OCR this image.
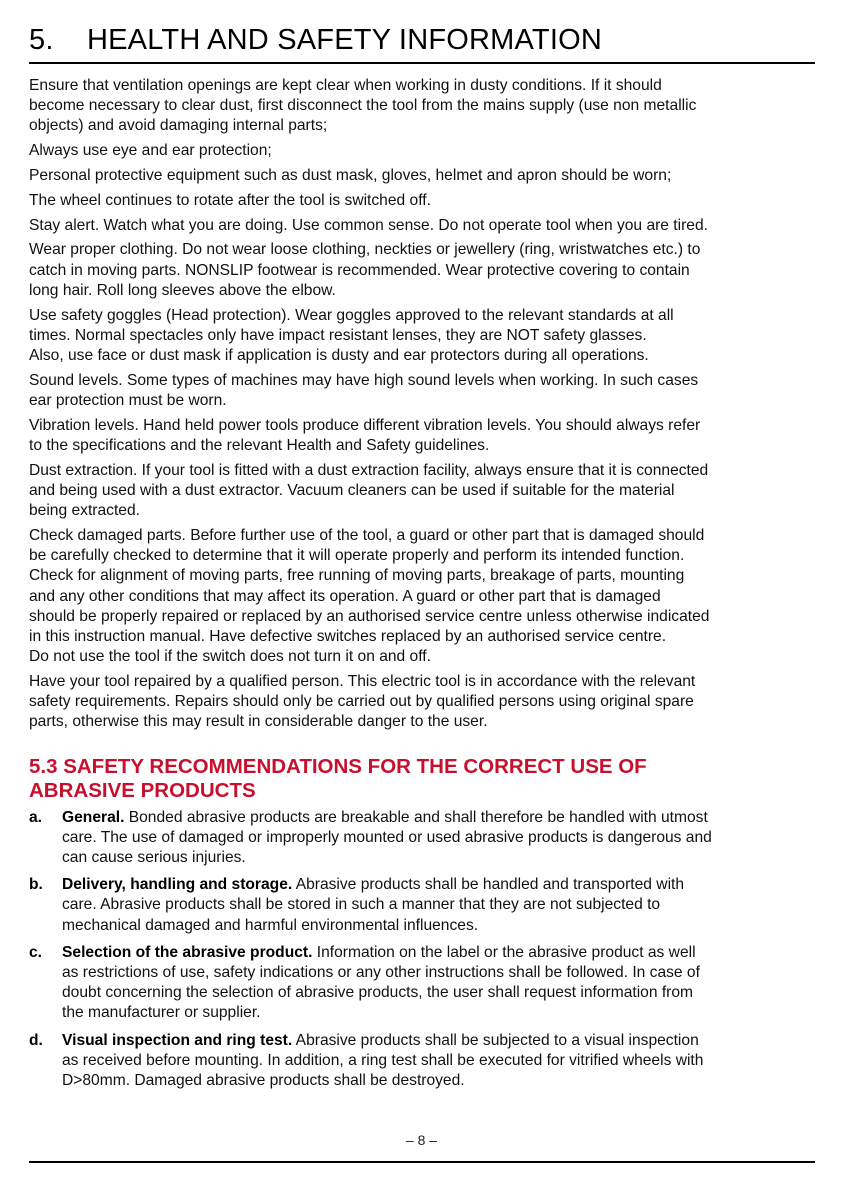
5.	HEALTH AND SAFETY INFORMATION

Ensure that ventilation openings are kept clear when working in dusty conditions. If it should
become necessary to clear dust, first disconnect the tool from the mains supply (use non metallic
objects) and avoid damaging internal parts;

Always use eye and ear protection;

Personal protective equipment such as dust mask, gloves, helmet and apron should be worn;

The wheel continues to rotate after the tool is switched off.

Stay alert. Watch what you are doing. Use common sense. Do not operate tool when you are tired.

Wear proper clothing. Do not wear loose clothing, neckties or jewellery (ring, wristwatches etc.) to
catch in moving parts. NONSLIP footwear is recommended. Wear protective covering to contain
long hair. Roll long sleeves above the elbow.

Use safety goggles (Head protection). Wear goggles approved to the relevant standards at all
times. Normal spectacles only have impact resistant lenses, they are NOT safety glasses.
Also, use face or dust mask if application is dusty and ear protectors during all operations.

Sound levels. Some types of machines may have high sound levels when working. In such cases
ear protection must be worn.

Vibration levels. Hand held power tools produce different vibration levels. You should always refer
to the specifications and the relevant Health and Safety guidelines.

Dust extraction. If your tool is fitted with a dust extraction facility, always ensure that it is connected
and being used with a dust extractor. Vacuum cleaners can be used if suitable for the material
being extracted.

Check damaged parts. Before further use of the tool, a guard or other part that is damaged should
be carefully checked to determine that it will operate properly and perform its intended function.
Check for alignment of moving parts, free running of moving parts, breakage of parts, mounting
and any other conditions that may affect its operation. A guard or other part that is damaged
should be properly repaired or replaced by an authorised service centre unless otherwise indicated
in this instruction manual. Have defective switches replaced by an authorised service centre.
Do not use the tool if the switch does not turn it on and off.

Have your tool repaired by a qualified person. This electric tool is in accordance with the relevant
safety requirements. Repairs should only be carried out by qualified persons using original spare
parts, otherwise this may result in considerable danger to the user.

5.3 SAFETY RECOMMENDATIONS FOR THE CORRECT USE OF
ABRASIVE PRODUCTS
a.	General. Bonded abrasive products are breakable and shall therefore be handled with utmost
care. The use of damaged or improperly mounted or used abrasive products is dangerous and
can cause serious injuries.
b.	Delivery, handling and storage. Abrasive products shall be handled and transported with
care. Abrasive products shall be stored in such a manner that they are not subjected to
mechanical damaged and harmful environmental influences.
c.	Selection of the abrasive product. Information on the label or the abrasive product as well
as restrictions of use, safety indications or any other instructions shall be followed. In case of
doubt concerning the selection of abrasive products, the user shall request information from
the manufacturer or supplier.
d.	Visual inspection and ring test. Abrasive products shall be subjected to a visual inspection
as received before mounting. In addition, a ring test shall be executed for vitrified wheels with
D>80mm. Damaged abrasive products shall be destroyed.
– 8 –
